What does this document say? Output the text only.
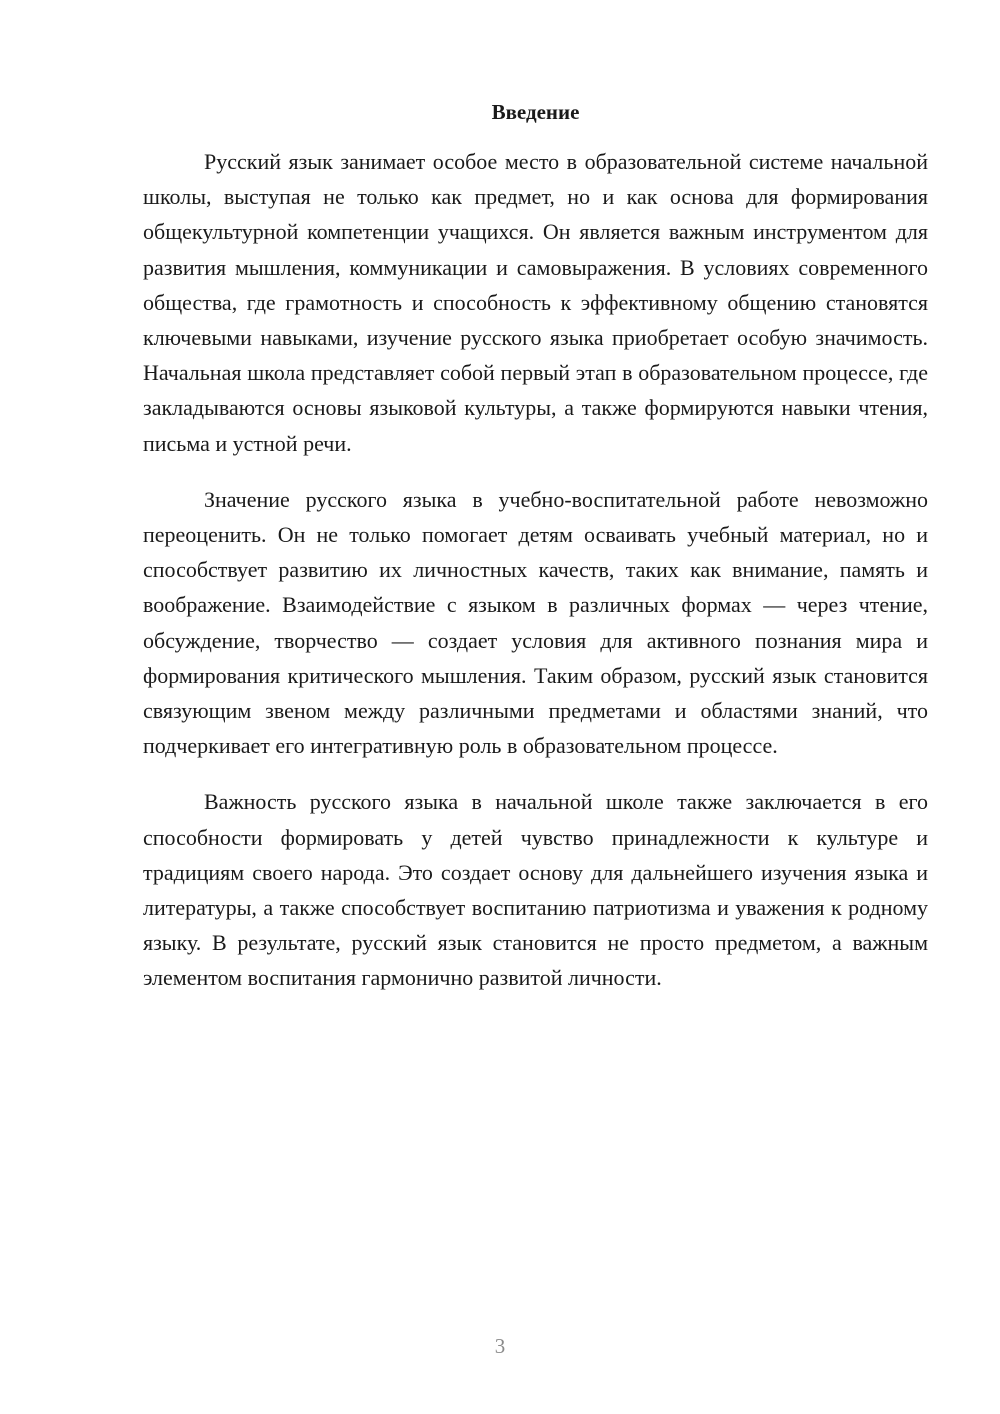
Введение

Русский язык занимает особое место в образовательной системе начальной школы, выступая не только как предмет, но и как основа для формирования общекультурной компетенции учащихся. Он является важным инструментом для развития мышления, коммуникации и самовыражения. В условиях современного общества, где грамотность и способность к эффективному общению становятся ключевыми навыками, изучение русского языка приобретает особую значимость. Начальная школа представляет собой первый этап в образовательном процессе, где закладываются основы языковой культуры, а также формируются навыки чтения, письма и устной речи.

Значение русского языка в учебно-воспитательной работе невозможно переоценить. Он не только помогает детям осваивать учебный материал, но и способствует развитию их личностных качеств, таких как внимание, память и воображение. Взаимодействие с языком в различных формах — через чтение, обсуждение, творчество — создает условия для активного познания мира и формирования критического мышления. Таким образом, русский язык становится связующим звеном между различными предметами и областями знаний, что подчеркивает его интегративную роль в образовательном процессе.

Важность русского языка в начальной школе также заключается в его способности формировать у детей чувство принадлежности к культуре и традициям своего народа. Это создает основу для дальнейшего изучения языка и литературы, а также способствует воспитанию патриотизма и уважения к родному языку. В результате, русский язык становится не просто предметом, а важным элементом воспитания гармонично развитой личности.

3
